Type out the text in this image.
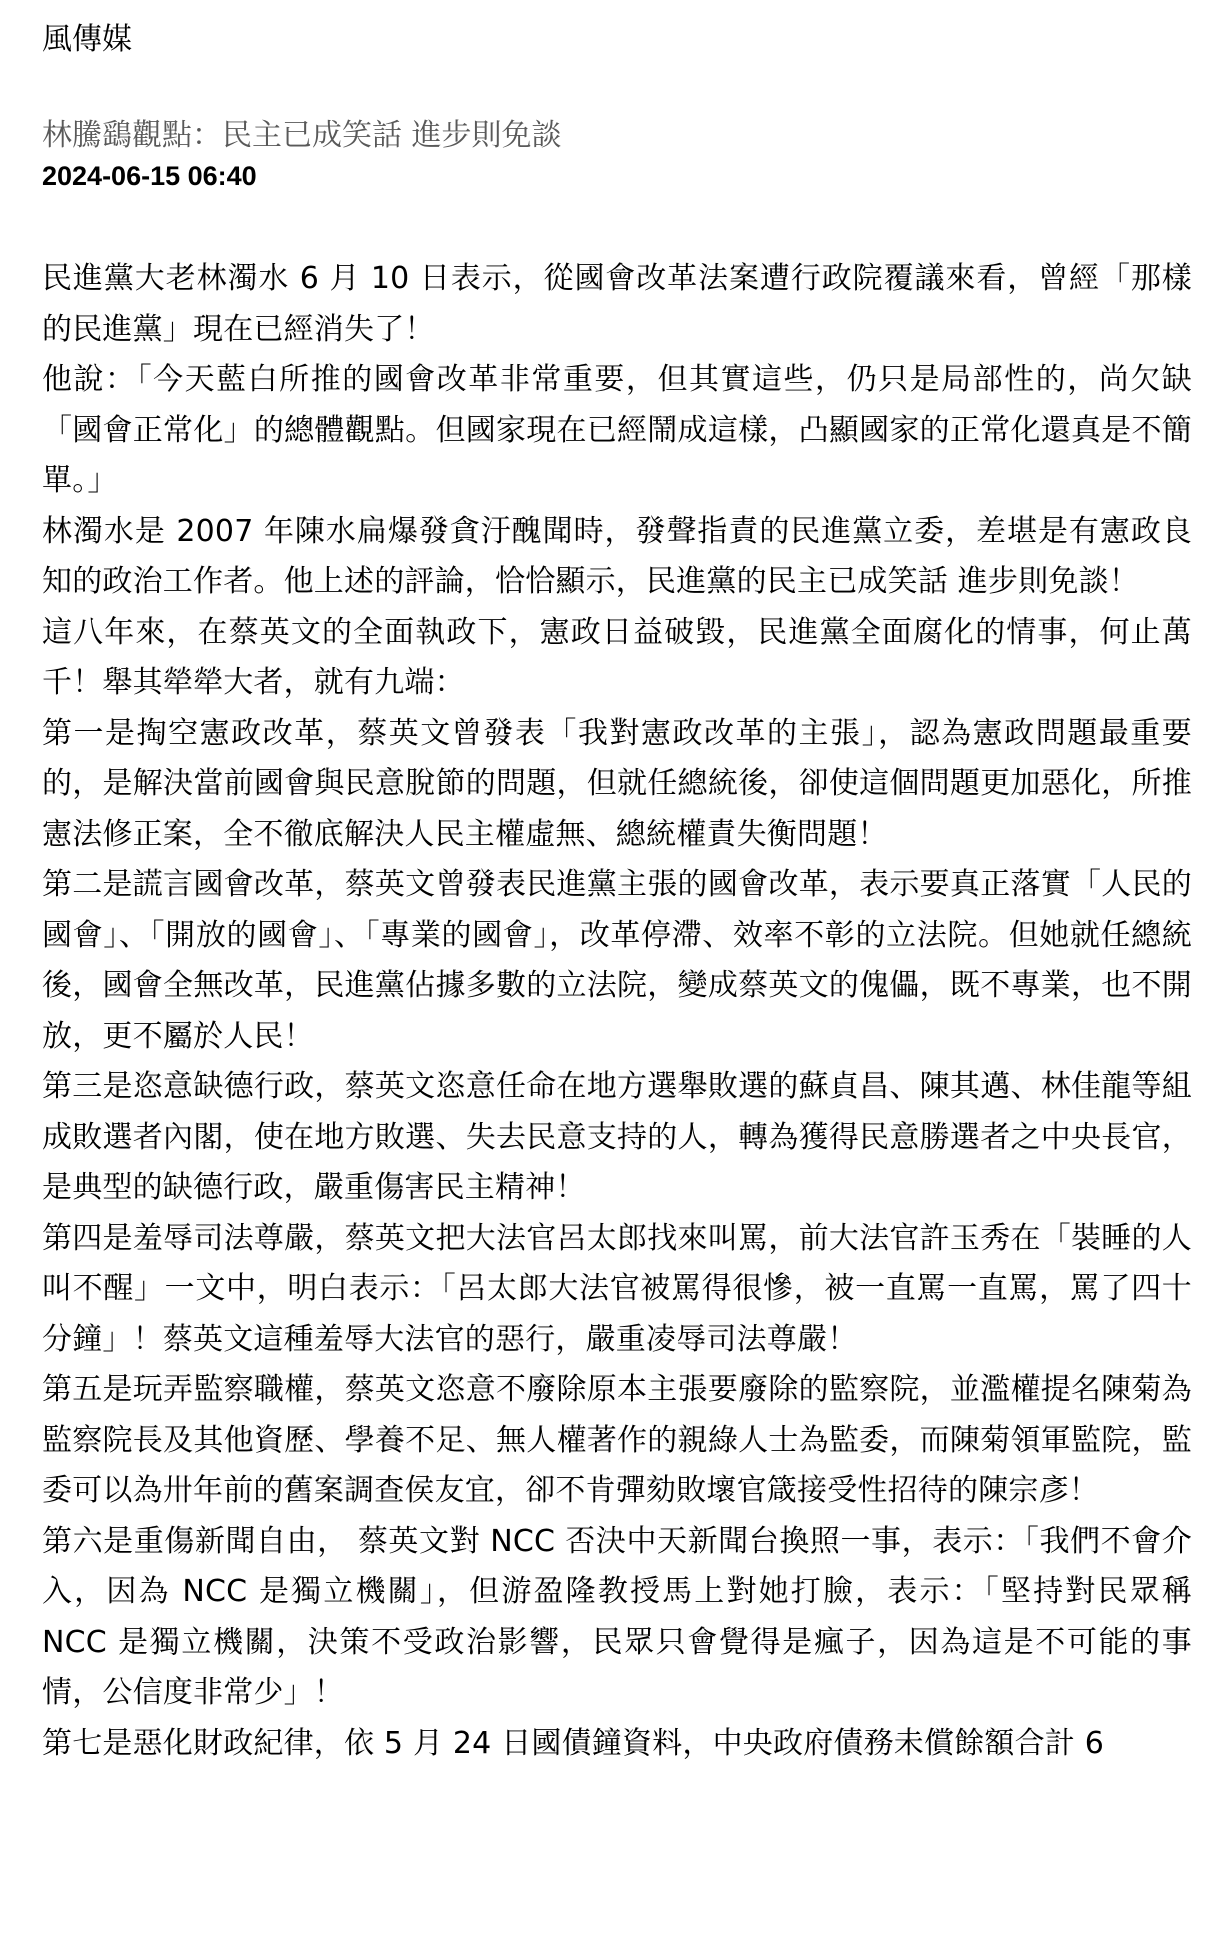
風傳媒
林騰鷂觀點：民主已成笑話 進步則免談
2024-06-15 06:40

民進黨大老林濁水 6 月 10 日表示，從國會改革法案遭行政院覆議來看，曾經「那樣的民進黨」現在已經消失了！

他說：「今天藍白所推的國會改革非常重要，但其實這些，仍只是局部性的，尚欠缺「國會正常化」的總體觀點。但國家現在已經鬧成這樣，凸顯國家的正常化還真是不簡單。」

林濁水是 2007 年陳水扁爆發貪汙醜聞時，發聲指責的民進黨立委，差堪是有憲政良知的政治工作者。他上述的評論，恰恰顯示，民進黨的民主已成笑話 進步則免談！

這八年來，在蔡英文的全面執政下，憲政日益破毀，民進黨全面腐化的情事，何止萬千！舉其犖犖大者，就有九端：

第一是掏空憲政改革，蔡英文曾發表「我對憲政改革的主張」，認為憲政問題最重要的，是解決當前國會與民意脫節的問題，但就任總統後，卻使這個問題更加惡化，所推憲法修正案，全不徹底解決人民主權虛無、總統權責失衡問題！

第二是謊言國會改革，蔡英文曾發表民進黨主張的國會改革，表示要真正落實「人民的國會」、「開放的國會」、「專業的國會」，改革停滯、效率不彰的立法院。但她就任總統後，國會全無改革，民進黨佔據多數的立法院，變成蔡英文的傀儡，既不專業，也不開放，更不屬於人民！

第三是恣意缺德行政，蔡英文恣意任命在地方選舉敗選的蘇貞昌、陳其邁、林佳龍等組成敗選者內閣，使在地方敗選、失去民意支持的人，轉為獲得民意勝選者之中央長官，是典型的缺德行政，嚴重傷害民主精神！

第四是羞辱司法尊嚴，蔡英文把大法官呂太郎找來叫罵，前大法官許玉秀在「裝睡的人叫不醒」一文中，明白表示：「呂太郎大法官被罵得很慘，被一直罵一直罵，罵了四十分鐘」！蔡英文這種羞辱大法官的惡行，嚴重凌辱司法尊嚴！

第五是玩弄監察職權，蔡英文恣意不廢除原本主張要廢除的監察院，並濫權提名陳菊為監察院長及其他資歷、學養不足、無人權著作的親綠人士為監委，而陳菊領軍監院，監委可以為卅年前的舊案調查侯友宜，卻不肯彈劾敗壞官箴接受性招待的陳宗彥！

第六是重傷新聞自由， 蔡英文對 NCC 否決中天新聞台換照一事，表示：「我們不會介入，因為 NCC 是獨立機關」，但游盈隆教授馬上對她打臉，表示：「堅持對民眾稱 NCC 是獨立機關，決策不受政治影響，民眾只會覺得是瘋子，因為這是不可能的事情，公信度非常少」！

第七是惡化財政紀律，依 5 月 24 日國債鐘資料，中央政府債務未償餘額合計 6
